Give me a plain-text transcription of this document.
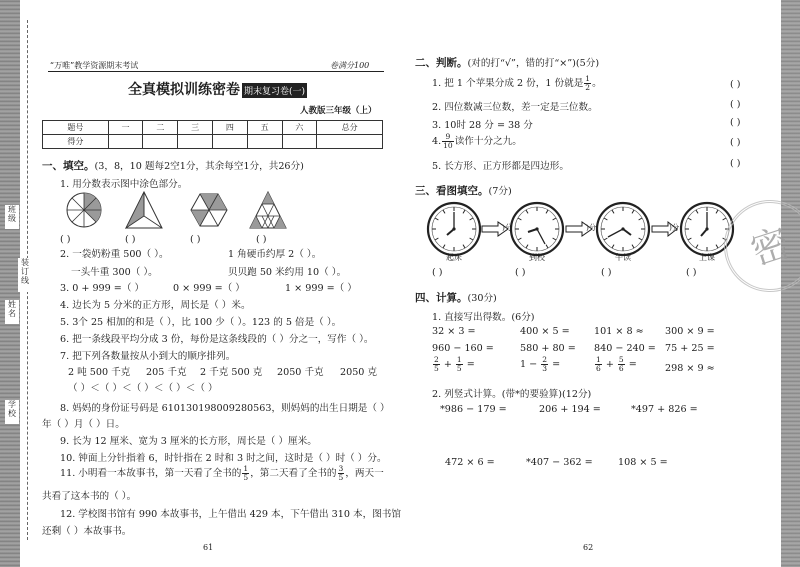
班级
姓名
装订线
学校
“万唯”教学资源期末考试	卷满分100
全真模拟训练密卷 期末复习卷(一)
人教版三年级（上）
题号	一	二	三	四	五	六	总分
得分							
一、填空。(3，8，10 题每2空1分，其余每空1分，共26分)
1. 用分数表示图中涂色部分。
( )	( )	( )	( )
2. 一袋奶粉重 500（ ）。	1 角硬币约厚 2（ ）。
一头牛重 300（ ）。	贝贝跑 50 米约用 10（ ）。
3. 0 + 999 =（ ）	0 × 999 =（ ）	1 × 999 =（ ）
4. 边长为 5 分米的正方形，周长是（ ）米。
5. 3个 25 相加的和是（ ），比 100 少（ ）。123 的 5 倍是（ ）。
6. 把一条线段平均分成 3 份，每份是这条线段的（ ）分之一，写作（ ）。
7. 把下列各数量按从小到大的顺序排列。
2 吨 500 千克 205 千克 2 千克 500 克 2050 千克 2050 克
（ ）＜（ ）＜（ ）＜（ ）＜（ ）
8. 妈妈的身份证号码是 610130198009280563，则妈妈的出生日期是（ ）
年（ ）月（ ）日。
9. 长为 12 厘米、宽为 3 厘米的长方形，周长是（ ）厘米。
10. 钟面上分针指着 6，时针指在 2 时和 3 时之间，这时是（ ）时（ ）分。
11. 小明看一本故事书，第一天看了全书的 $\frac{1}{5}$ ，第二天看了全书的 $\frac{3}{5}$ ，两天一
共看了这本书的（ ）。
12. 学校图书馆有 990 本故事书，上午借出 429 本，下午借出 310 本，图书馆
还剩（ ）本故事书。
61
二、判断。(对的打“√”，错的打“×”)(5分)
1. 把 1 个苹果分成 2 份，1 份就是 $\frac{1}{2}$ 。
2. 四位数减三位数，差一定是三位数。
3. 10时 28 分 = 38 分
4. $\frac{9}{10}$ 读作十分之九。
5. 长方形、正方形都是四边形。
( )
( )
( )
( )
( )
三、看图填空。(7分)
)分	)分	)分
起床	到校	午读	上课
( )	( )	( )	( )	密
四、计算。(30分)
1. 直接写出得数。(6分)
32 × 3 =	400 × 5 =	101 × 8 ≈ 300 × 9 =
960 − 160 =	580 + 80 = 840 − 240 = 75 + 25 =
$\frac{2}{5} + \frac{1}{5}$ =	$1 - \frac{2}{3}$ =	$\frac{1}{6} + \frac{5}{6}$ =	298 × 9 ≈
2. 列竖式计算。(带*的要验算)(12分)
*986 − 179 =	206 + 194 =	*497 + 826 =
472 × 6 =	*407 − 362 =	108 × 5 =
62
